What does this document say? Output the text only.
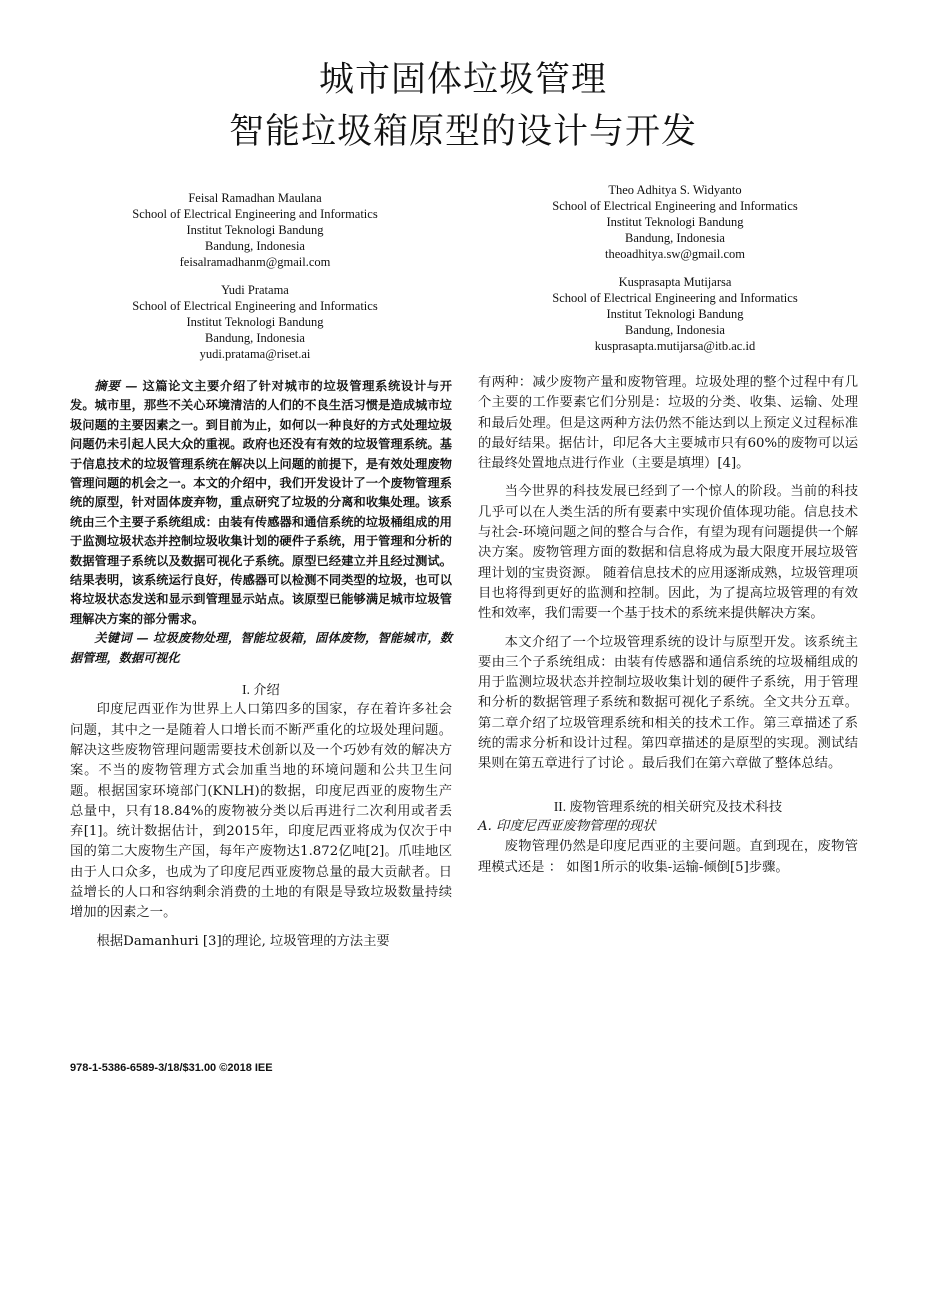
城市固体垃圾管理
智能垃圾箱原型的设计与开发
Feisal Ramadhan Maulana
School of Electrical Engineering and Informatics
Institut Teknologi Bandung
Bandung, Indonesia
feisalramadhanm@gmail.com
Theo Adhitya S. Widyanto
School of Electrical Engineering and Informatics
Institut Teknologi Bandung
Bandung, Indonesia
theoadhitya.sw@gmail.com
Yudi Pratama
School of Electrical Engineering and Informatics
Institut Teknologi Bandung
Bandung, Indonesia
yudi.pratama@riset.ai
Kusprasapta Mutijarsa
School of Electrical Engineering and Informatics
Institut Teknologi Bandung
Bandung, Indonesia
kusprasapta.mutijarsa@itb.ac.id

摘要 — 这篇论文主要介绍了针对城市的垃圾管理系统设计与开发。城市里，那些不关心环境清洁的人们的不良生活习惯是造成城市垃圾问题的主要因素之一。到目前为止，如何以一种良好的方式处理垃圾问题仍未引起人民大众的重视。政府也还没有有效的垃圾管理系统。基于信息技术的垃圾管理系统在解决以上问题的前提下，是有效处理废物管理问题的机会之一。本文的介绍中，我们开发设计了一个废物管理系统的原型，针对固体废弃物，重点研究了垃圾的分离和收集处理。该系统由三个主要子系统组成：由装有传感器和通信系统的垃圾桶组成的用于监测垃圾状态并控制垃圾收集计划的硬件子系统，用于管理和分析的数据管理子系统以及数据可视化子系统。原型已经建立并且经过测试。结果表明，该系统运行良好，传感器可以检测不同类型的垃圾，也可以将垃圾状态发送和显示到管理显示站点。该原型已能够满足城市垃圾管理解决方案的部分需求。

关键词 — 垃圾废物处理，智能垃圾箱，固体废物，智能城市，数据管理，数据可视化

I. 介绍

印度尼西亚作为世界上人口第四多的国家，存在着许多社会问题，其中之一是随着人口增长而不断严重化的垃圾处理问题。解决这些废物管理问题需要技术创新以及一个巧妙有效的解决方案。不当的废物管理方式会加重当地的环境问题和公共卫生问题。根据国家环境部门(KNLH)的数据，印度尼西亚的废物生产总量中，只有18.84%的废物被分类以后再进行二次利用或者丢弃[1]。统计数据估计，到2015年，印度尼西亚将成为仅次于中国的第二大废物生产国，每年产废物达1.872亿吨[2]。爪哇地区由于人口众多，也成为了印度尼西亚废物总量的最大贡献者。日益增长的人口和容纳剩余消费的土地的有限是导致垃圾数量持续增加的因素之一。

根据Damanhuri [3]的理论, 垃圾管理的方法主要

有两种：减少废物产量和废物管理。垃圾处理的整个过程中有几个主要的工作要素它们分别是：垃圾的分类、收集、运输、处理和最后处理。但是这两种方法仍然不能达到以上预定义过程标准的最好结果。据估计，印尼各大主要城市只有60%的废物可以运往最终处置地点进行作业（主要是填埋）[4]。

当今世界的科技发展已经到了一个惊人的阶段。当前的科技几乎可以在人类生活的所有要素中实现价值体现功能。信息技术与社会-环境问题之间的整合与合作，有望为现有问题提供一个解决方案。废物管理方面的数据和信息将成为最大限度开展垃圾管理计划的宝贵资源。 随着信息技术的应用逐渐成熟，垃圾管理项目也将得到更好的监测和控制。因此，为了提高垃圾管理的有效性和效率，我们需要一个基于技术的系统来提供解决方案。

本文介绍了一个垃圾管理系统的设计与原型开发。该系统主要由三个子系统组成：由装有传感器和通信系统的垃圾桶组成的用于监测垃圾状态并控制垃圾收集计划的硬件子系统，用于管理和分析的数据管理子系统和数据可视化子系统。全文共分五章。第二章介绍了垃圾管理系统和相关的技术工作。第三章描述了系统的需求分析和设计过程。第四章描述的是原型的实现。测试结果则在第五章进行了讨论 。最后我们在第六章做了整体总结。

II. 废物管理系统的相关研究及技术科技

A. 印度尼西亚废物管理的现状

废物管理仍然是印度尼西亚的主要问题。直到现在，废物管理模式还是 ： 如图1所示的收集-运输-倾倒[5]步骤。

978-1-5386-6589-3/18/$31.00 ©2018 IEE
